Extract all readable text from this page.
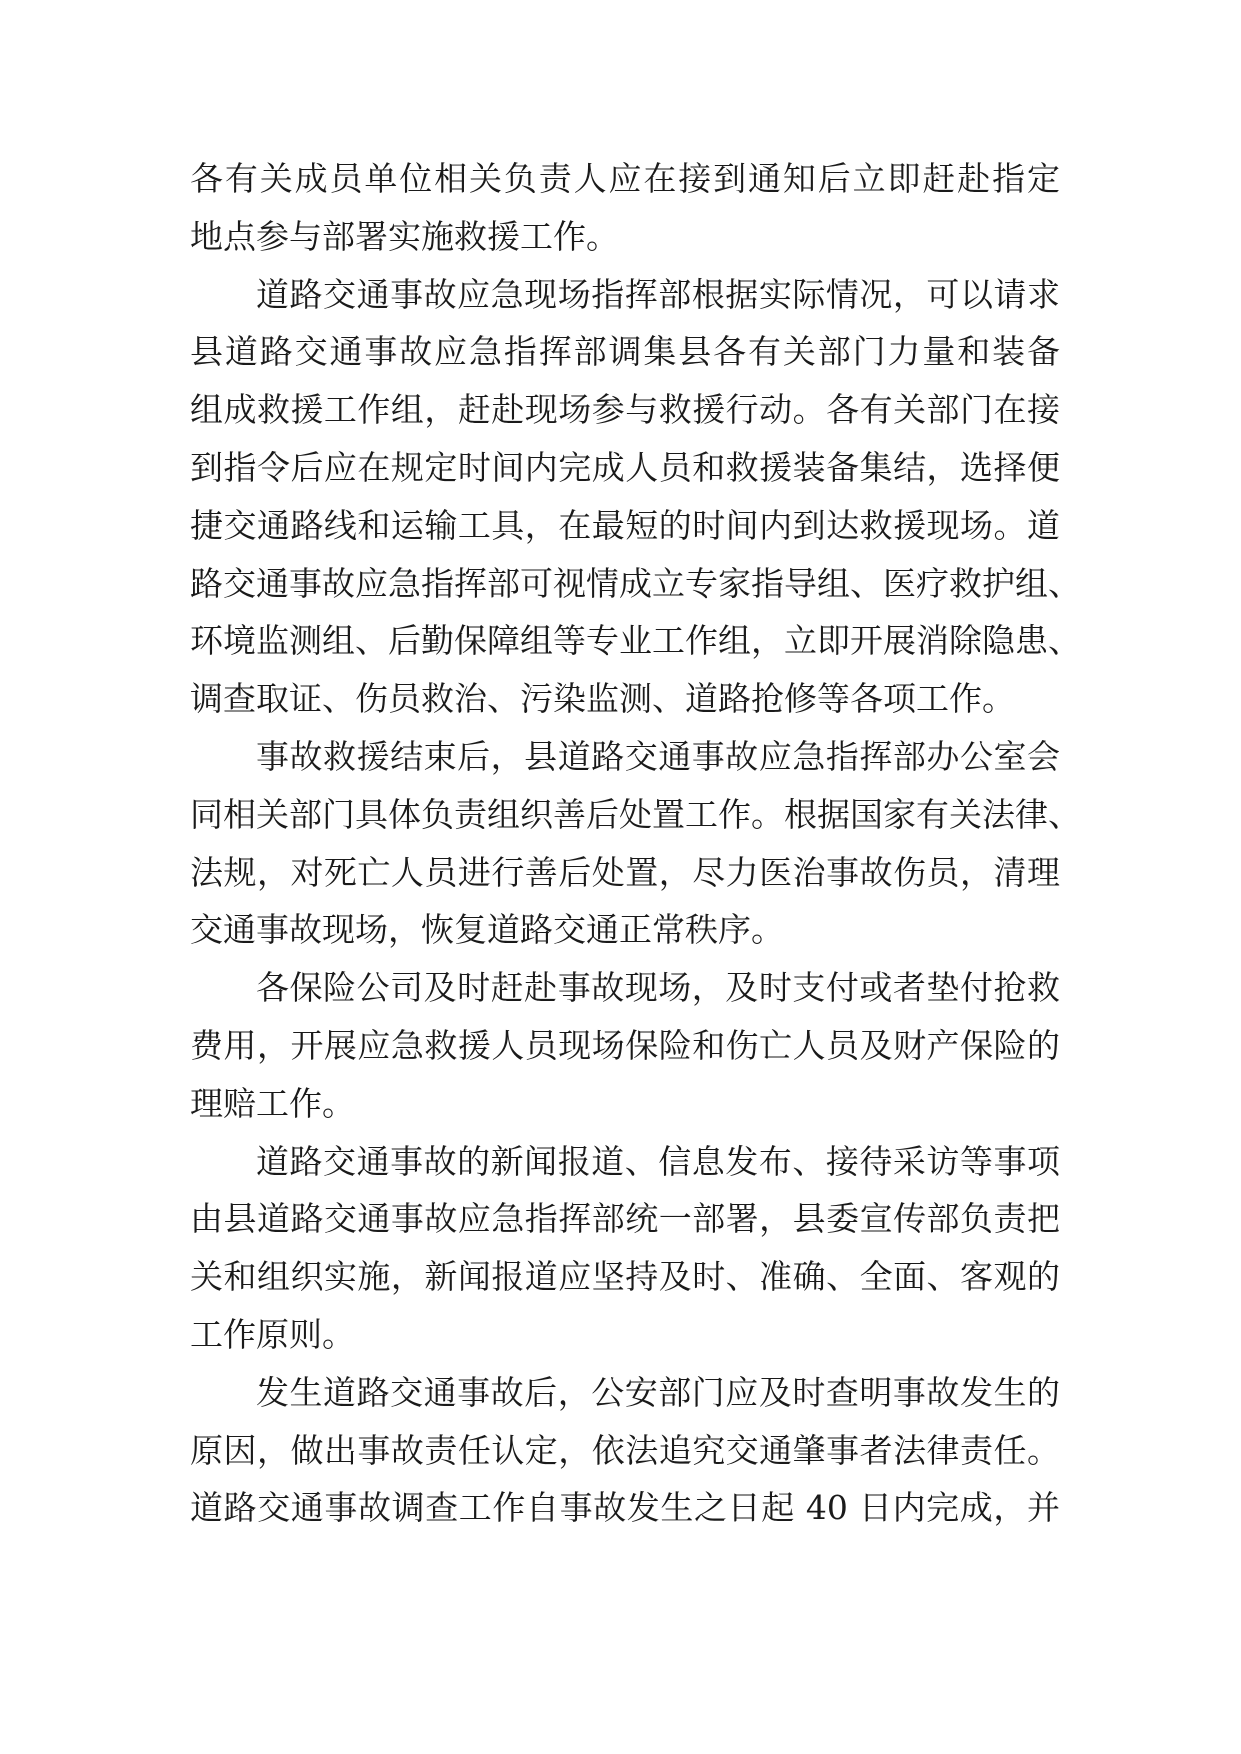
各有关成员单位相关负责人应在接到通知后立即赶赴指定
地点参与部署实施救援工作。
道路交通事故应急现场指挥部根据实际情况，可以请求
县道路交通事故应急指挥部调集县各有关部门力量和装备
组成救援工作组，赶赴现场参与救援行动。各有关部门在接
到指令后应在规定时间内完成人员和救援装备集结，选择便
捷交通路线和运输工具，在最短的时间内到达救援现场。道
路交通事故应急指挥部可视情成立专家指导组、医疗救护组、
环境监测组、后勤保障组等专业工作组，立即开展消除隐患、
调查取证、伤员救治、污染监测、道路抢修等各项工作。
事故救援结束后，县道路交通事故应急指挥部办公室会
同相关部门具体负责组织善后处置工作。根据国家有关法律、
法规，对死亡人员进行善后处置，尽力医治事故伤员，清理
交通事故现场，恢复道路交通正常秩序。
各保险公司及时赶赴事故现场，及时支付或者垫付抢救
费用，开展应急救援人员现场保险和伤亡人员及财产保险的
理赔工作。
道路交通事故的新闻报道、信息发布、接待采访等事项
由县道路交通事故应急指挥部统一部署，县委宣传部负责把
关和组织实施，新闻报道应坚持及时、准确、全面、客观的
工作原则。
发生道路交通事故后，公安部门应及时查明事故发生的
原因，做出事故责任认定，依法追究交通肇事者法律责任。
道路交通事故调查工作自事故发生之日起 40 日内完成，并
